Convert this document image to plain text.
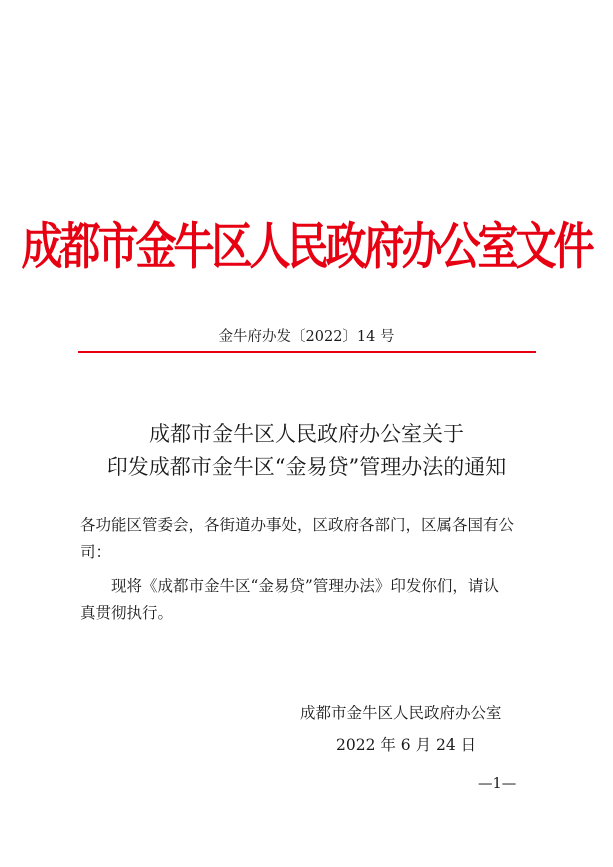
成都市金牛区人民政府办公室文件
金牛府办发〔2022〕14 号
成都市金牛区人民政府办公室关于
印发成都市金牛区“金易贷”管理办法的通知
各功能区管委会，各街道办事处，区政府各部门，区属各国有公
司：
现将《成都市金牛区“金易贷”管理办法》印发你们，请认
真贯彻执行。
成都市金牛区人民政府办公室
2022 年 6 月 24 日
—1—
